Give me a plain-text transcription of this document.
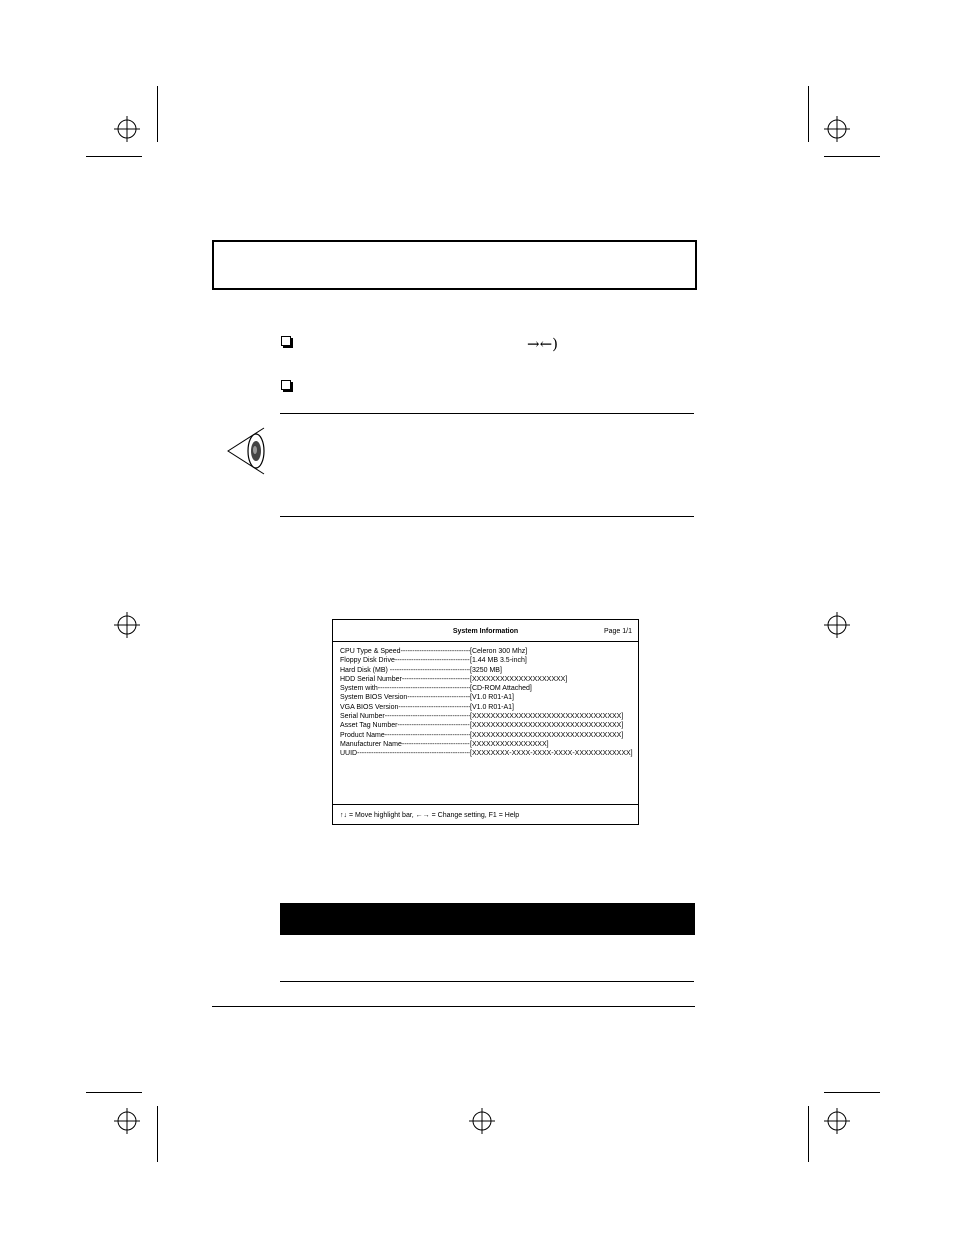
→←)
System Information	Page 1/1
CPU Type & Speed -----	[Celeron 300 Mhz]
Floppy Disk Drive -----	[1.44 MB 3.5-inch]
Hard Disk (MB) -----	[3250 MB]
HDD Serial Number -----	[XXXXXXXXXXXXXXXXXXXX]
System with -----	[CD-ROM Attached]
System BIOS Version -----	[V1.0 R01-A1]
VGA BIOS Version -----	[V1.0 R01-A1]
Serial Number -----	[XXXXXXXXXXXXXXXXXXXXXXXXXXXXXXXX]
Asset Tag Number -----	[XXXXXXXXXXXXXXXXXXXXXXXXXXXXXXXX]
Product Name -----	[XXXXXXXXXXXXXXXXXXXXXXXXXXXXXXXX]
Manufacturer Name -----	[XXXXXXXXXXXXXXXX]
UUID -----	[XXXXXXXX-XXXX-XXXX-XXXX-XXXXXXXXXXXX]
↑↓ = Move highlight bar, ←→ = Change setting, F1 = Help
